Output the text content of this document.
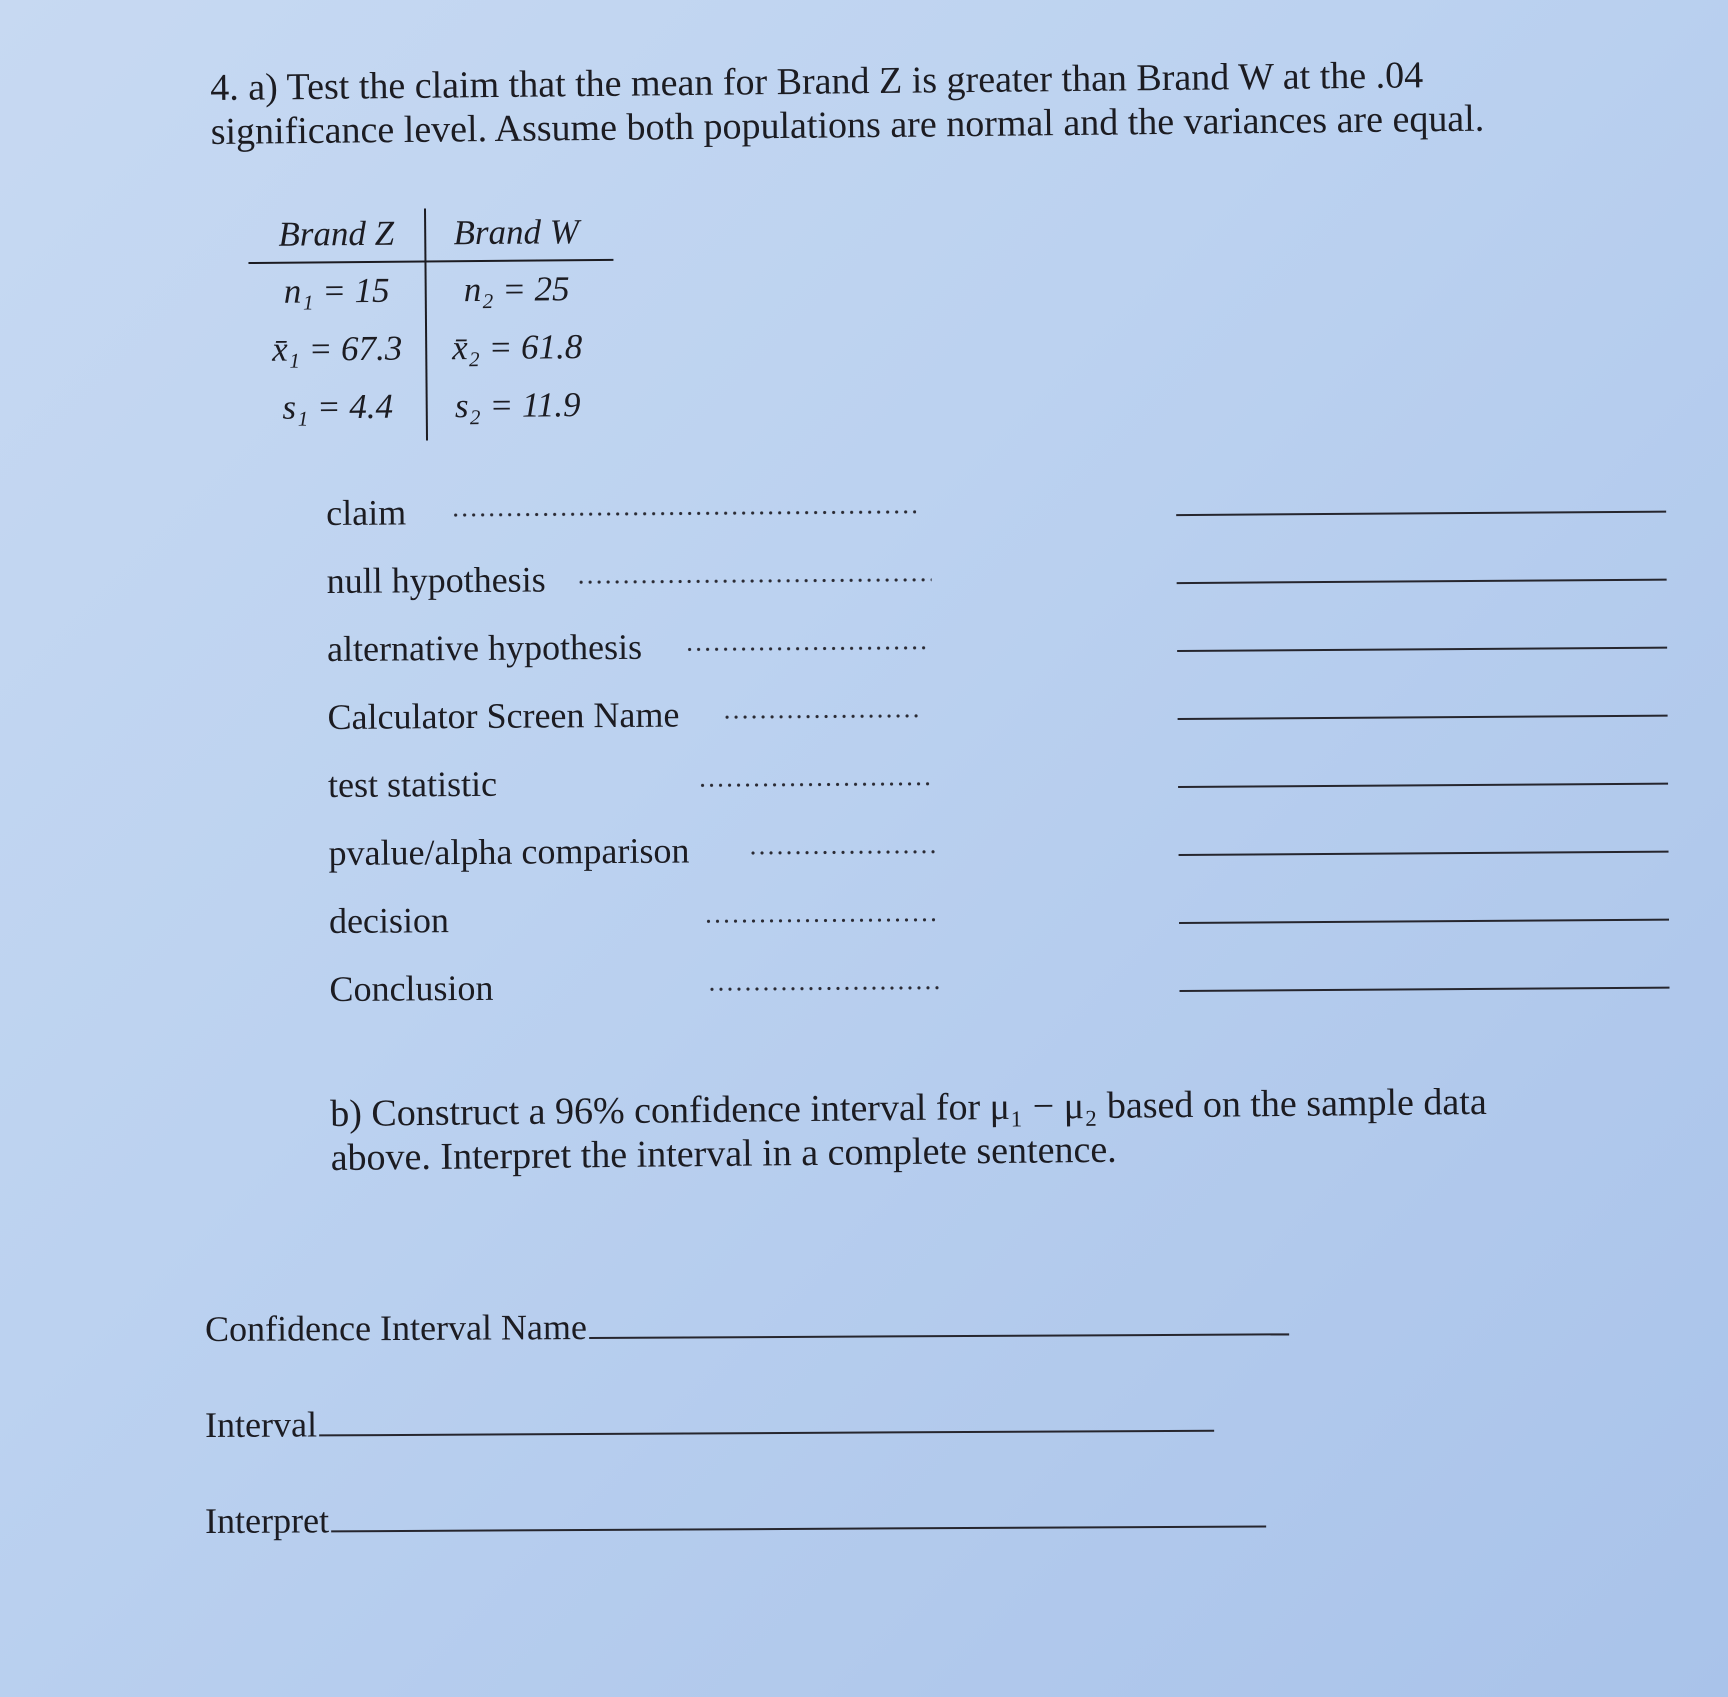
4. a) Test the claim that the mean for Brand Z is greater than Brand W at the .04
significance level. Assume both populations are normal and the variances are equal.
Brand Z	Brand W
n₁ = 15	n₂ = 25
x̄₁ = 67.3	x̄₂ = 61.8
s₁ = 4.4	s₂ = 11.9
claim
null hypothesis
alternative hypothesis
Calculator Screen Name
test statistic
pvalue/alpha comparison
decision
Conclusion
b) Construct a 96% confidence interval for μ₁ − μ₂ based on the sample data
above. Interpret the interval in a complete sentence.
Confidence Interval Name
Interval
Interpret
